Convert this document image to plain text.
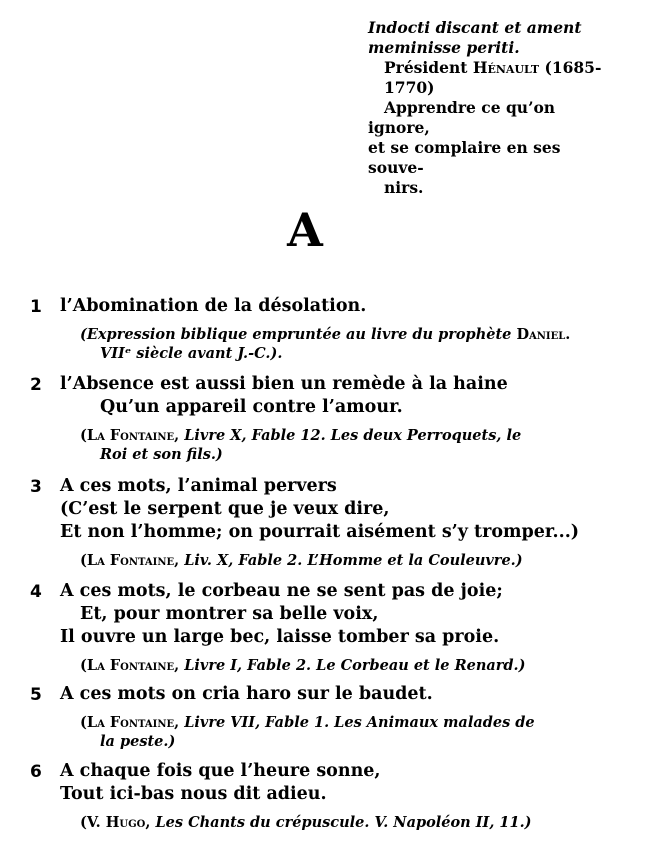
Indocti discant et ament
meminisse periti.

Président Hénault (1685-
1770)

Apprendre ce qu’on ignore,

et se complaire en ses souve-
nirs.

A
1 l’Abomination de la désolation.
(Expression biblique empruntée au livre du prophète Daniel.
VIIᵉ siècle avant J.-C.).
2 l’Absence est aussi bien un remède à la haine
Qu’un appareil contre l’amour.
(La Fontaine, Livre X, Fable 12. Les deux Perroquets, le
Roi et son fils.)
3 A ces mots, l’animal pervers
(C’est le serpent que je veux dire,
Et non l’homme; on pourrait aisément s’y tromper...)
(La Fontaine, Liv. X, Fable 2. L’Homme et la Couleuvre.)
4 A ces mots, le corbeau ne se sent pas de joie;
Et, pour montrer sa belle voix,
Il ouvre un large bec, laisse tomber sa proie.
(La Fontaine, Livre I, Fable 2. Le Corbeau et le Renard.)
5 A ces mots on cria haro sur le baudet.
(La Fontaine, Livre VII, Fable 1. Les Animaux malades de
la peste.)
6 A chaque fois que l’heure sonne,
Tout ici-bas nous dit adieu.
(V. Hugo, Les Chants du crépuscule. V. Napoléon II, 11.)
